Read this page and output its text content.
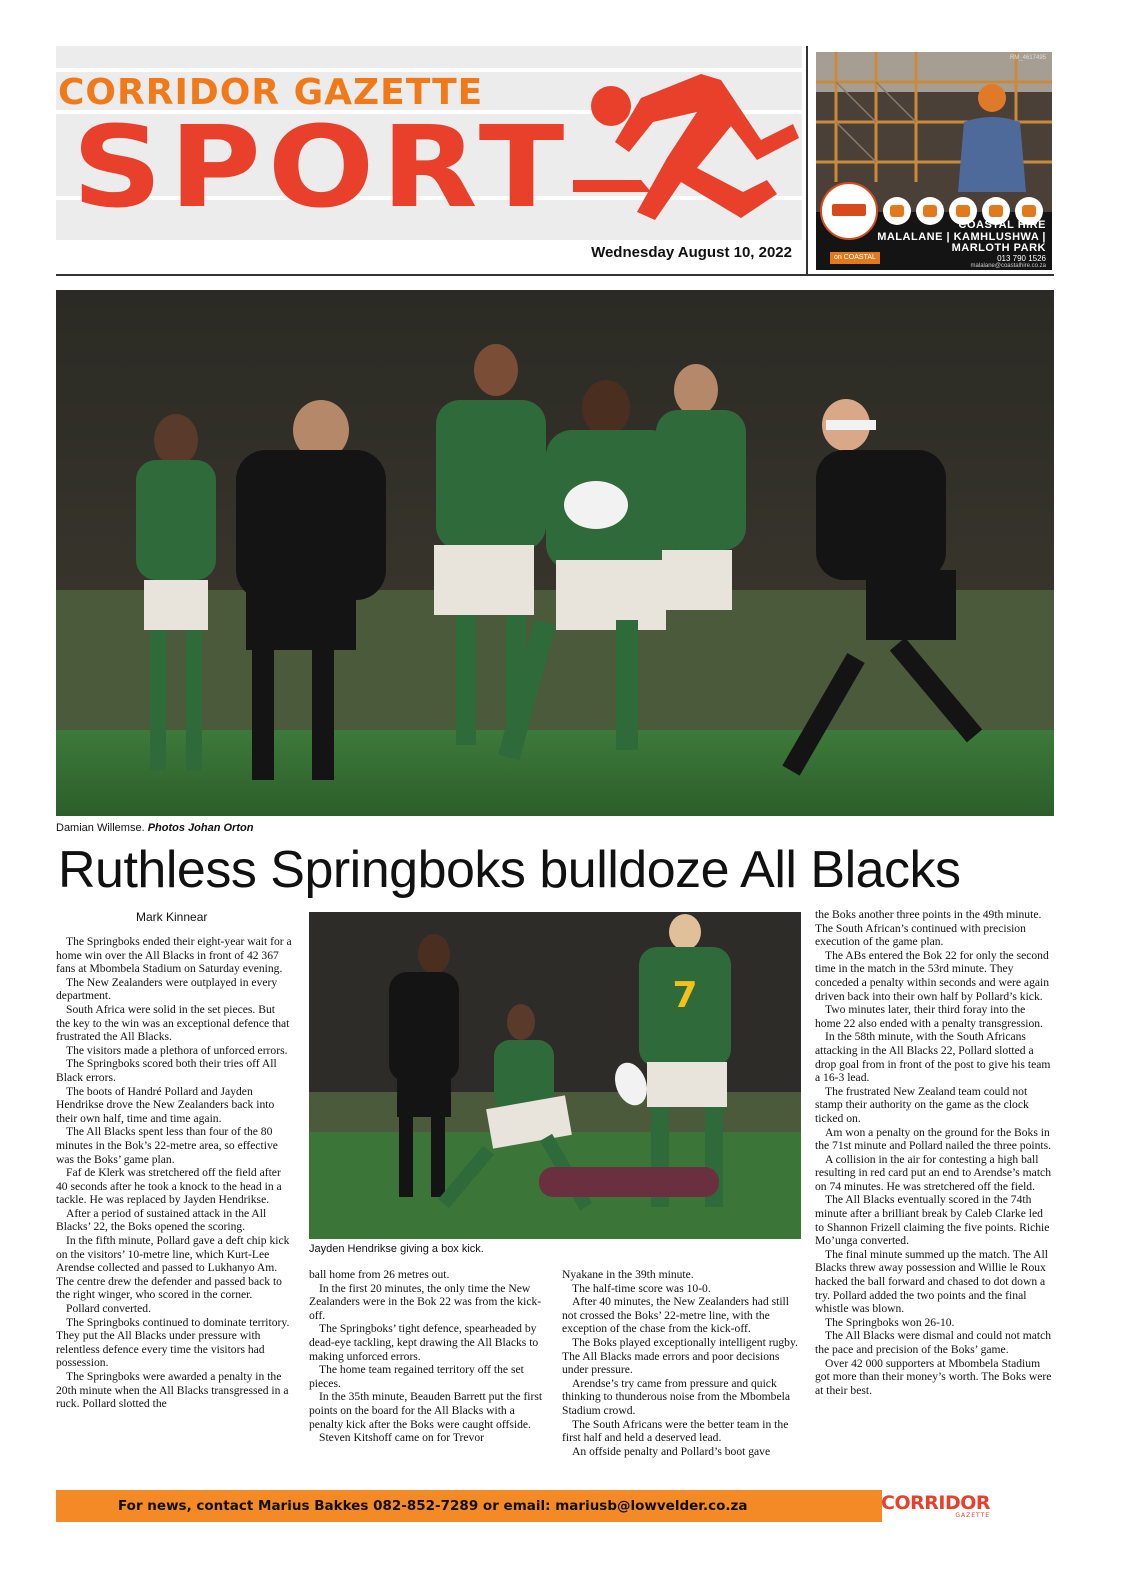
CORRIDOR GAZETTE
SPORT
Wednesday August 10, 2022
RM_4617495
COASTAL HIRE
MALALANE | KAMHLUSHWA |
MARLOTH PARK
013 790 1526
malalane@coastalhire.co.za
on COASTAL
Damian Willemse. Photos Johan Orton
Ruthless Springboks bulldoze All Blacks
Mark Kinnear
7
Jayden Hendrikse giving a box kick.

The Springboks ended their eight-year wait for a home win over the All Blacks in front of 42 367 fans at Mbombela Stadium on Saturday evening.

The New Zealanders were outplayed in every department.

South Africa were solid in the set pieces. But the key to the win was an exceptional defence that frustrated the All Blacks.

The visitors made a plethora of unforced errors.

The Springboks scored both their tries off All Black errors.

The boots of Handré Pollard and Jayden Hendrikse drove the New Zealanders back into their own half, time and time again.

The All Blacks spent less than four of the 80 minutes in the Bok’s 22-metre area, so effective was the Boks’ game plan.

Faf de Klerk was stretchered off the field after 40 seconds after he took a knock to the head in a tackle. He was replaced by Jayden Hendrikse.

After a period of sustained attack in the All Blacks’ 22, the Boks opened the scoring.

In the fifth minute, Pollard gave a deft chip kick on the visitors’ 10-metre line, which Kurt-Lee Arendse collected and passed to Lukhanyo Am. The centre drew the defender and passed back to the right winger, who scored in the corner.

Pollard converted.

The Springboks continued to dominate territory. They put the All Blacks under pressure with relentless defence every time the visitors had possession.

The Springboks were awarded a penalty in the 20th minute when the All Blacks transgressed in a ruck. Pollard slotted the

ball home from 26 metres out.

In the first 20 minutes, the only time the New Zealanders were in the Bok 22 was from the kick-off.

The Springboks’ tight defence, spearheaded by dead-eye tackling, kept drawing the All Blacks to making unforced errors.

The home team regained territory off the set pieces.

In the 35th minute, Beauden Barrett put the first points on the board for the All Blacks with a penalty kick after the Boks were caught offside.

Steven Kitshoff came on for Trevor

Nyakane in the 39th minute.

The half-time score was 10-0.

After 40 minutes, the New Zealanders had still not crossed the Boks’ 22-metre line, with the exception of the chase from the kick-off.

The Boks played exceptionally intelligent rugby. The All Blacks made errors and poor decisions under pressure.

Arendse’s try came from pressure and quick thinking to thunderous noise from the Mbombela Stadium crowd.

The South Africans were the better team in the first half and held a deserved lead.

An offside penalty and Pollard’s boot gave

the Boks another three points in the 49th minute. The South African’s continued with precision execution of the game plan.

The ABs entered the Bok 22 for only the second time in the match in the 53rd minute. They conceded a penalty within seconds and were again driven back into their own half by Pollard’s kick.

Two minutes later, their third foray into the home 22 also ended with a penalty transgression.

In the 58th minute, with the South Africans attacking in the All Blacks 22, Pollard slotted a drop goal from in front of the post to give his team a 16-3 lead.

The frustrated New Zealand team could not stamp their authority on the game as the clock ticked on.

Am won a penalty on the ground for the Boks in the 71st minute and Pollard nailed the three points.

A collision in the air for contesting a high ball resulting in red card put an end to Arendse’s match on 74 minutes. He was stretchered off the field.

The All Blacks eventually scored in the 74th minute after a brilliant break by Caleb Clarke led to Shannon Frizell claiming the five points. Richie Mo’unga converted.

The final minute summed up the match. The All Blacks threw away possession and Willie le Roux hacked the ball forward and chased to dot down a try. Pollard added the two points and the final whistle was blown.

The Springboks won 26-10.

The All Blacks were dismal and could not match the pace and precision of the Boks’ game.

Over 42 000 supporters at Mbombela Stadium got more than their money’s worth. The Boks were at their best.

For news, contact Marius Bakkes 082-852-7289 or email: mariusb@lowvelder.co.za	CORRIDOR
GAZETTE
